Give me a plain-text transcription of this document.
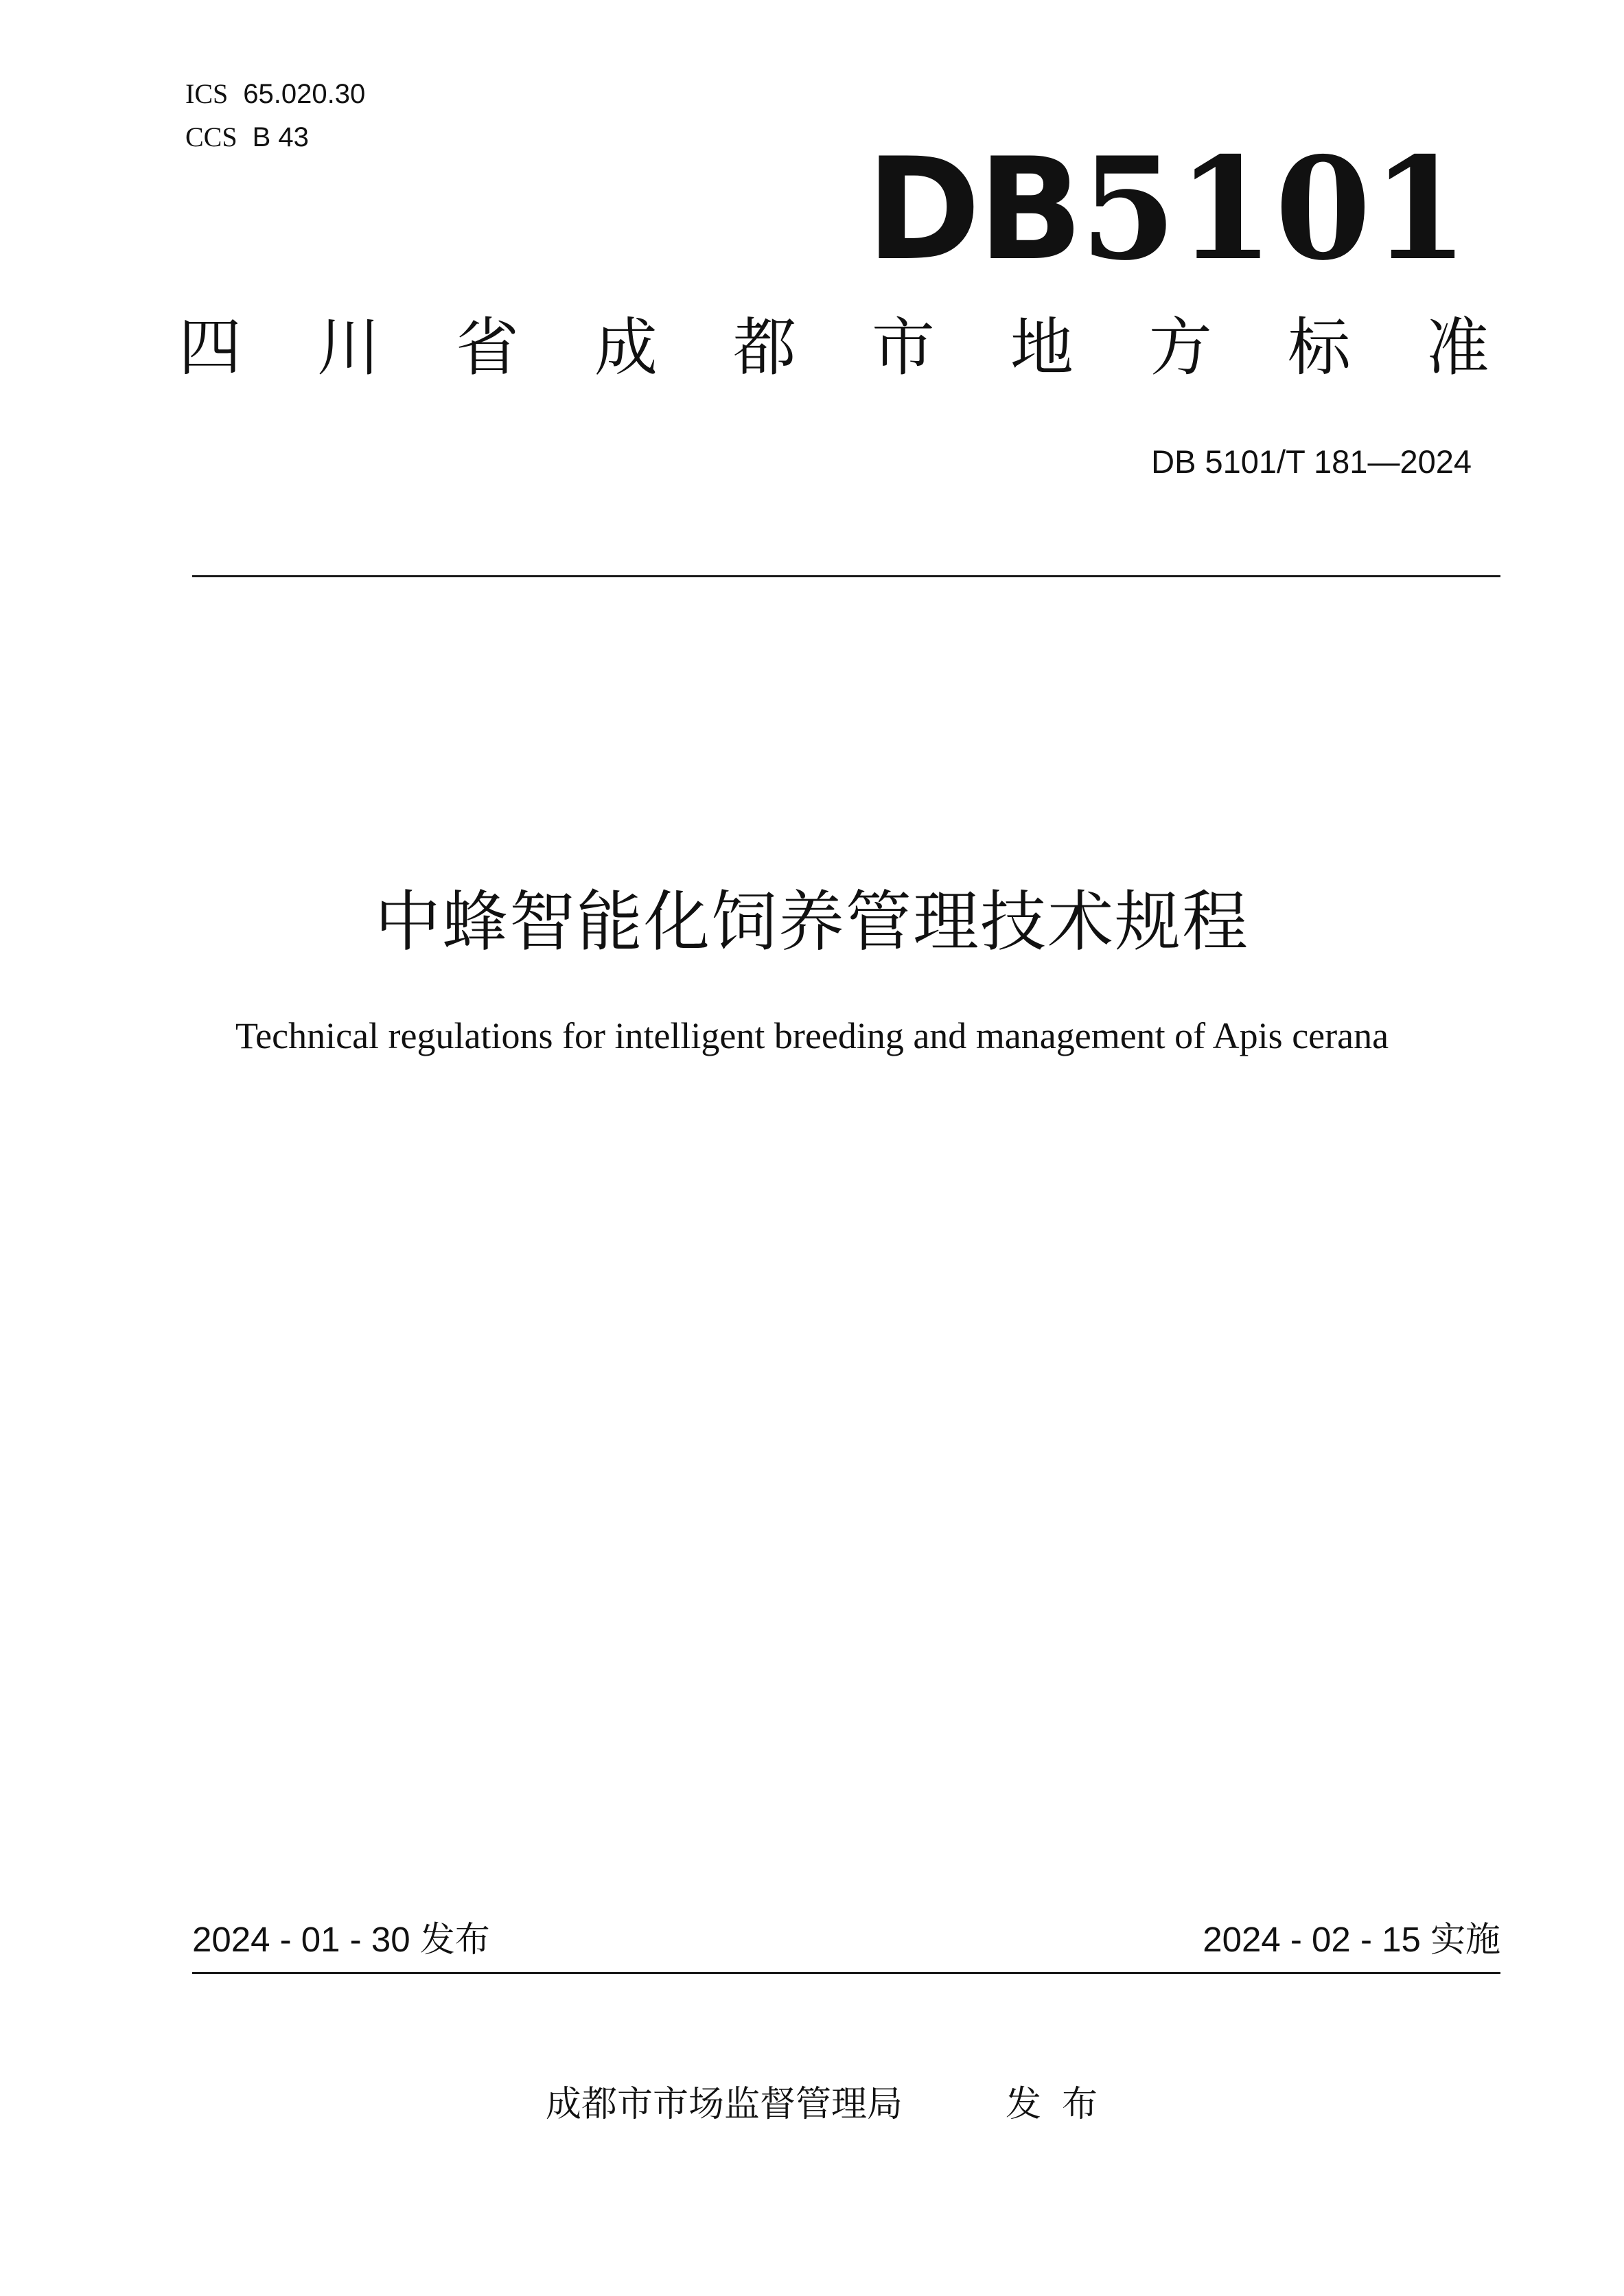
ICS 65.020.30
CCS B 43	DB5101
四 川 省 成 都 市 地 方 标 准
DB 5101/T 181—2024
中蜂智能化饲养管理技术规程
Technical regulations for intelligent breeding and management of Apis cerana
2024 - 01 - 30 发布	2024 - 02 - 15 实施
成都市市场监督管理局	发布
